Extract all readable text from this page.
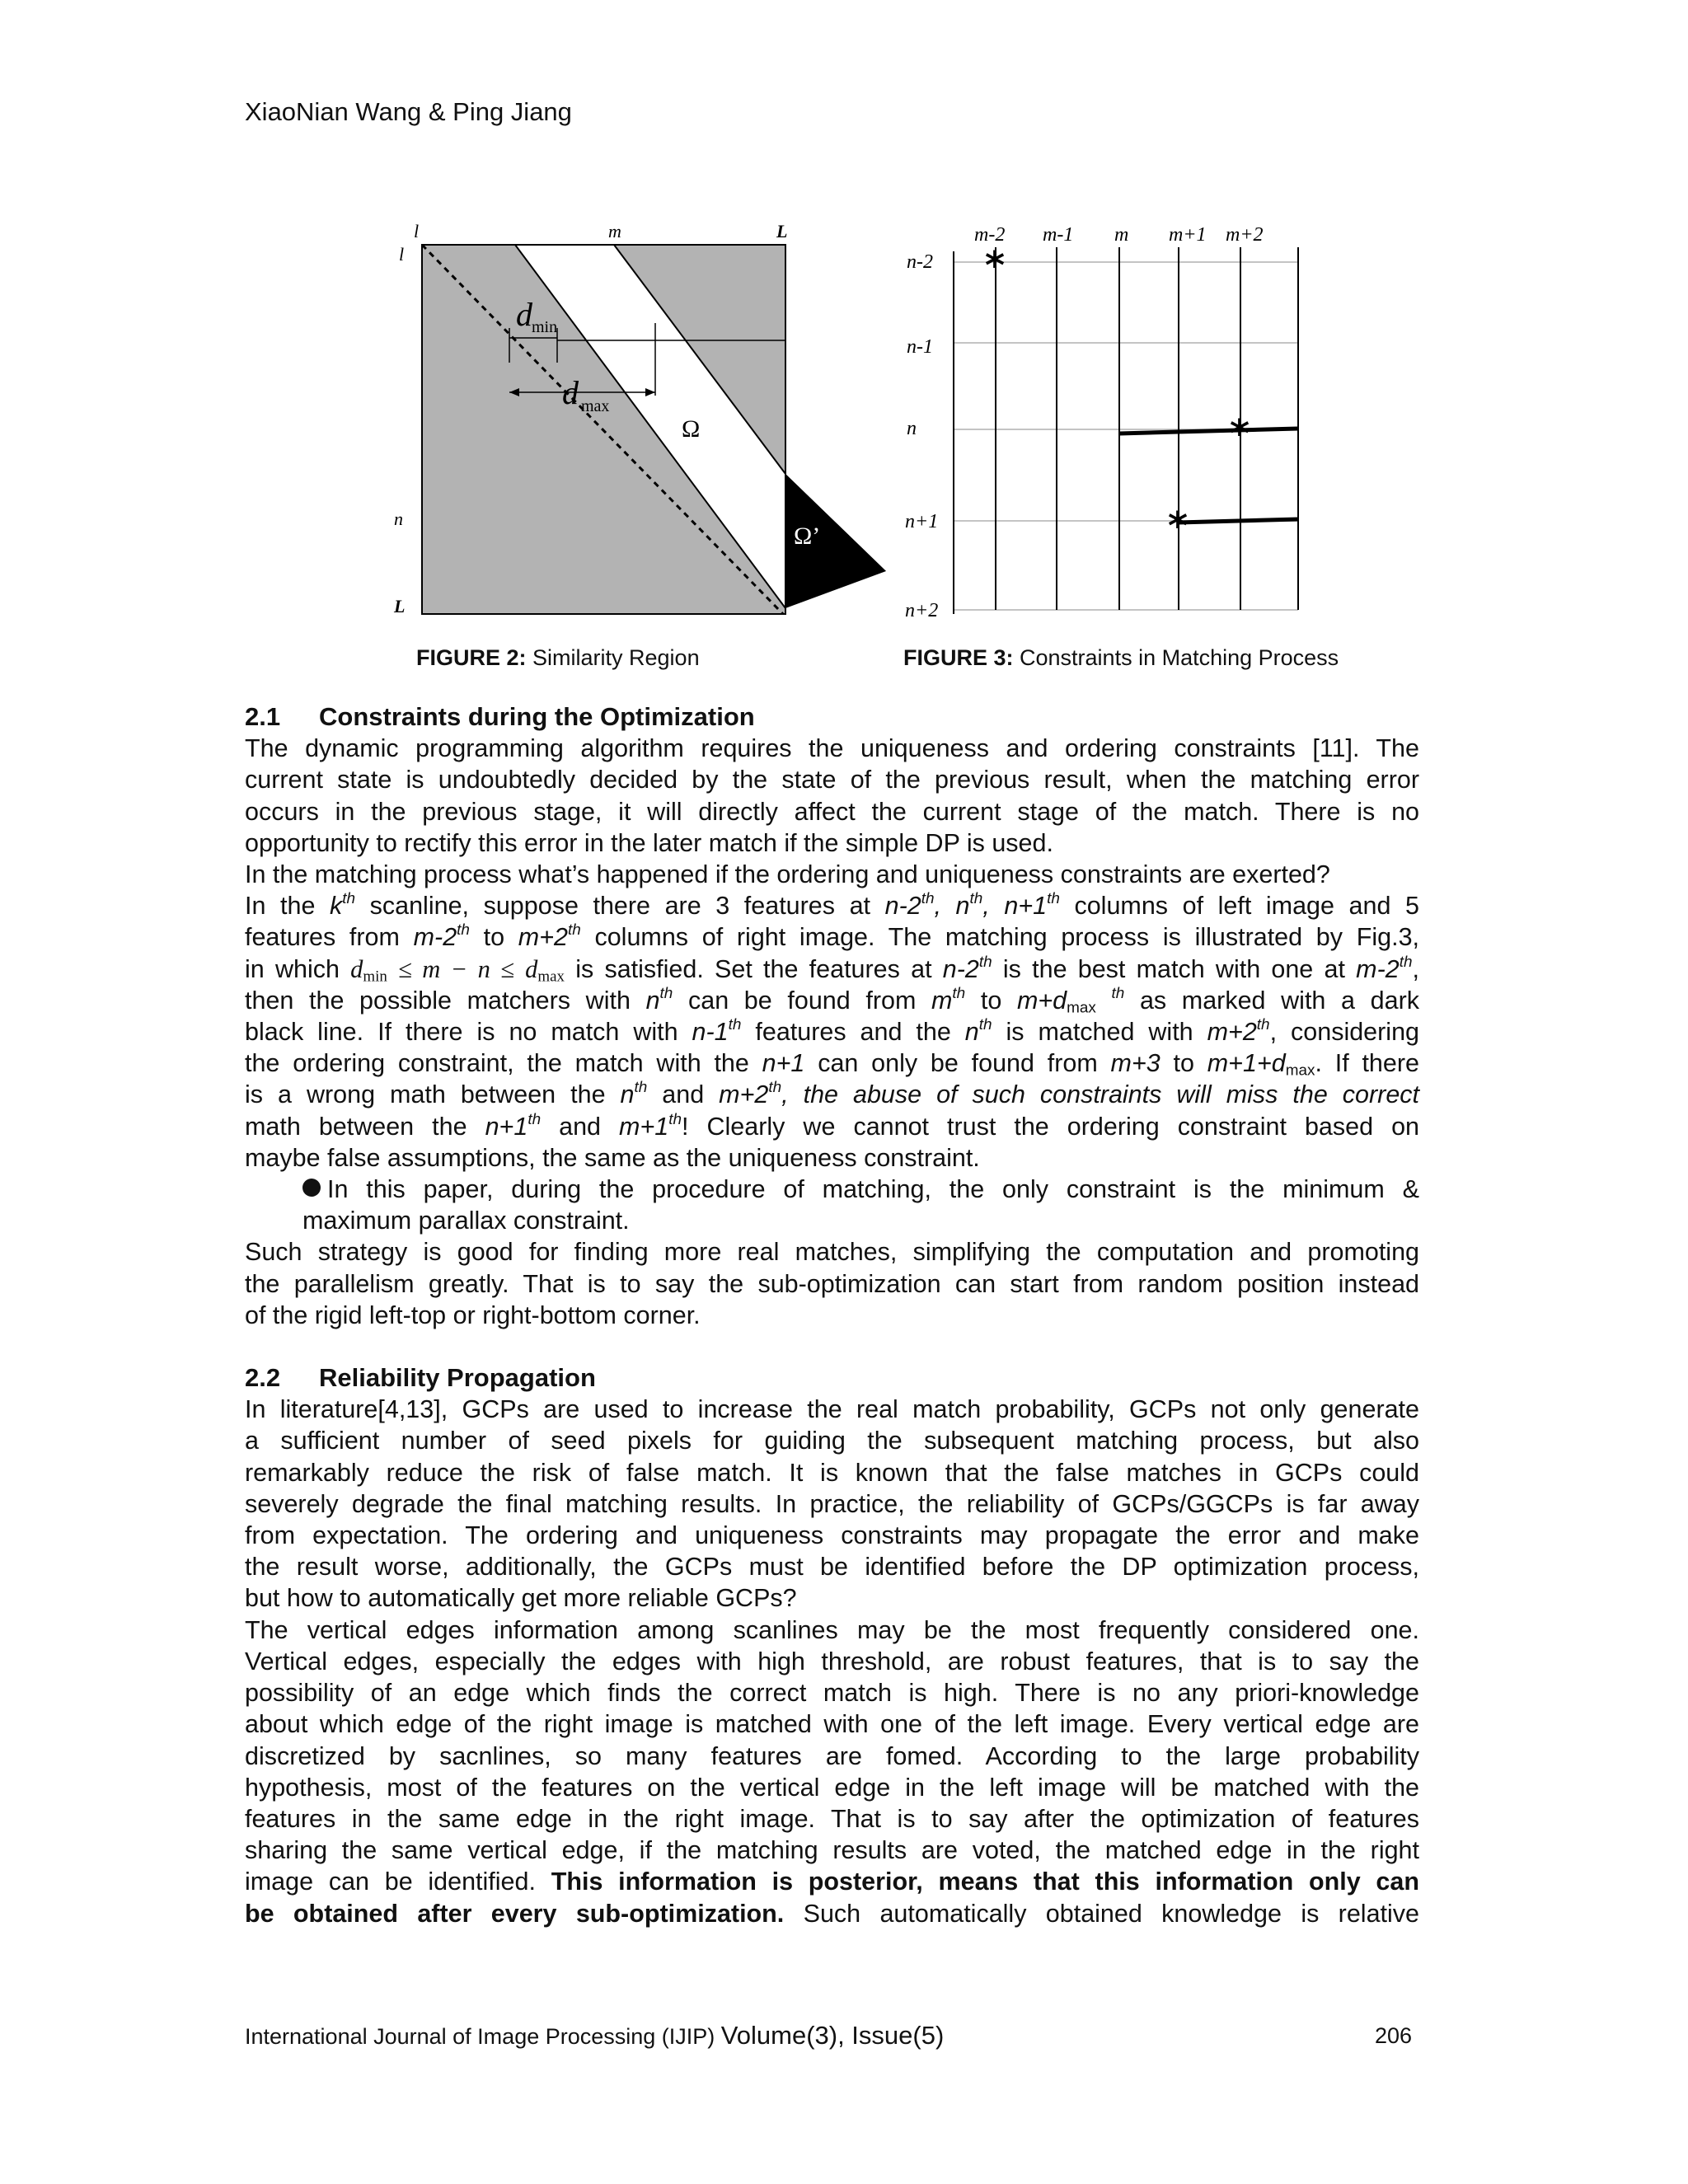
XiaoNian Wang & Ping Jiang
l	m	L
l
n
L
d min
d max
Ω
Ω’
m-2 m-1 m m+1 m+2
n-2
n-1
n
n+1
n+2
*
*
*
FIGURE 2: Similarity Region	FIGURE 3: Constraints in Matching Process

2.1 Constraints during the Optimization

The dynamic programming algorithm requires the uniqueness and ordering constraints [11]. The

current state is undoubtedly decided by the state of the previous result, when the matching error

occurs in the previous stage, it will directly affect the current stage of the match. There is no

opportunity to rectify this error in the later match if the simple DP is used.

In the matching process what’s happened if the ordering and uniqueness constraints are exerted?

In the $k^{th}$ scanline, suppose there are 3 features at n-2th, $n^{th}$, n+1th columns of left image and 5

features from m-2th to m+2th columns of right image. The matching process is illustrated by Fig.3,

in which $d_{min} \le m - n \le d_{max}$ is satisfied. Set the features at n-2th is the best match with one at m-2th,

then the possible matchers with $n^{th}$ can be found from $m^{th}$ to $m+d_{max}$ $^{th}$ as marked with a dark

black line. If there is no match with n-1th features and the $n^{th}$ is matched with m+2th, considering

the ordering constraint, the match with the n+1 can only be found from m+3 to $m+1+d_{max}$. If there

is a wrong math between the $n^{th}$ and m+2th, the abuse of such constraints will miss the correct

math between the n+1th and m+1th! Clearly we cannot trust the ordering constraint based on

maybe false assumptions, the same as the uniqueness constraint.

In this paper, during the procedure of matching, the only constraint is the minimum &

maximum parallax constraint.

Such strategy is good for finding more real matches, simplifying the computation and promoting

the parallelism greatly. That is to say the sub-optimization can start from random position instead

of the rigid left-top or right-bottom corner.

2.2 Reliability Propagation

In literature[4,13], GCPs are used to increase the real match probability, GCPs not only generate

a sufficient number of seed pixels for guiding the subsequent matching process, but also

remarkably reduce the risk of false match. It is known that the false matches in GCPs could

severely degrade the final matching results. In practice, the reliability of GCPs/GGCPs is far away

from expectation. The ordering and uniqueness constraints may propagate the error and make

the result worse, additionally, the GCPs must be identified before the DP optimization process,

but how to automatically get more reliable GCPs?

The vertical edges information among scanlines may be the most frequently considered one.

Vertical edges, especially the edges with high threshold, are robust features, that is to say the

possibility of an edge which finds the correct match is high. There is no any priori-knowledge

about which edge of the right image is matched with one of the left image. Every vertical edge are

discretized by sacnlines, so many features are fomed. According to the large probability

hypothesis, most of the features on the vertical edge in the left image will be matched with the

features in the same edge in the right image. That is to say after the optimization of features

sharing the same vertical edge, if the matching results are voted, the matched edge in the right

image can be identified. This information is posterior, means that this information only can

be obtained after every sub-optimization. Such automatically obtained knowledge is relative

International Journal of Image Processing (IJIP) Volume(3), Issue(5)	206
